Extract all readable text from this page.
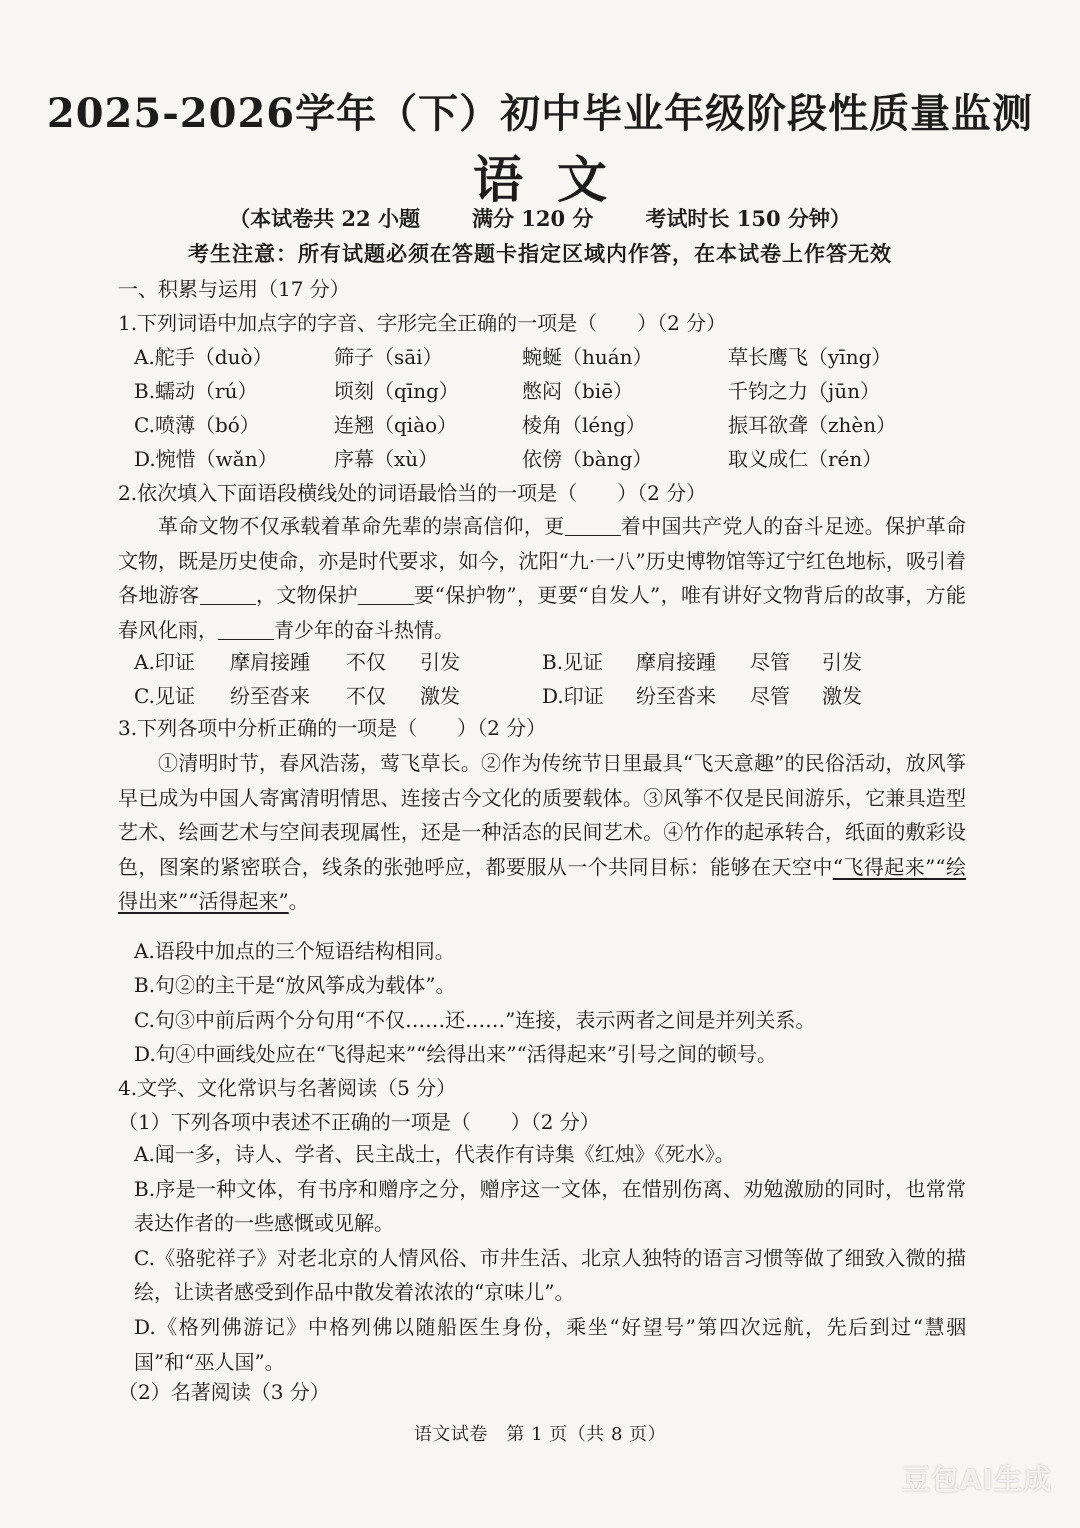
2025-2026学年（下）初中毕业年级阶段性质量监测
语文
（本试卷共 22 小题 满分 120 分 考试时长 150 分钟）
考生注意：所有试题必须在答题卡指定区域内作答，在本试卷上作答无效
一、积累与运用（17 分）
1.下列词语中加点字的字音、字形完全正确的一项是（　　）（2 分）
A.舵手（duò）	筛子（sāi）	蜿蜒（huán）	草长鹰飞（yīng）
B.蠕动（rú）	顷刻（qīng）	憋闷（biē）	千钧之力（jūn）
C.喷薄（bó）	连翘（qiào）	棱角（léng）	振耳欲聋（zhèn）
D.惋惜（wǎn）	序幕（xù）	依傍（bàng）	取义成仁（rén）
2.依次填入下面语段横线处的词语最恰当的一项是（　　）（2 分）

革命文物不仅承载着革命先辈的崇高信仰，更	着中国共产党人的奋斗足迹。保护革命文物，既是历史使命，亦是时代要求，如今，沈阳“九·一八”历史博物馆等辽宁红色地标，吸引着各地游客	，文物保护	要“保护物”，更要“自发人”，唯有讲好文物背后的故事，方能春风化雨，	青少年的奋斗热情。

A.印证 摩肩接踵 不仅 引发	B.见证 摩肩接踵 尽管 引发
C.见证 纷至沓来 不仅 激发	D.印证 纷至沓来 尽管 激发
3.下列各项中分析正确的一项是（　　）（2 分）

①清明时节，春风浩荡，莺飞草长。②作为传统节日里最具“飞天意趣”的民俗活动，放风筝早已成为中国人寄寓清明情思、连接古今文化的质要载体。③风筝不仅是民间游乐，它兼具造型艺术、绘画艺术与空间表现属性，还是一种活态的民间艺术。④竹作的起承转合，纸面的敷彩设色，图案的紧密联合，线条的张弛呼应，都要服从一个共同目标：能够在天空中“飞得起来”“绘得出来”“活得起来”。

A.语段中加点的三个短语结构相同。
B.句②的主干是“放风筝成为载体”。
C.句③中前后两个分句用“不仅……还……”连接，表示两者之间是并列关系。
D.句④中画线处应在“飞得起来”“绘得出来”“活得起来”引号之间的顿号。
4.文学、文化常识与名著阅读（5 分）
（1）下列各项中表述不正确的一项是（　　）（2 分）

A.闻一多，诗人、学者、民主战士，代表作有诗集《红烛》《死水》。

B.序是一种文体，有书序和赠序之分，赠序这一文体，在惜别伤离、劝勉激励的同时，也常常表达作者的一些感慨或见解。

C.《骆驼祥子》对老北京的人情风俗、市井生活、北京人独特的语言习惯等做了细致入微的描绘，让读者感受到作品中散发着浓浓的“京味儿”。

D.《格列佛游记》中格列佛以随船医生身份，乘坐“好望号”第四次远航，先后到过“慧骃国”和“巫人国”。

（2）名著阅读（3 分）
语文试卷　第 1 页（共 8 页）
豆包AI生成
